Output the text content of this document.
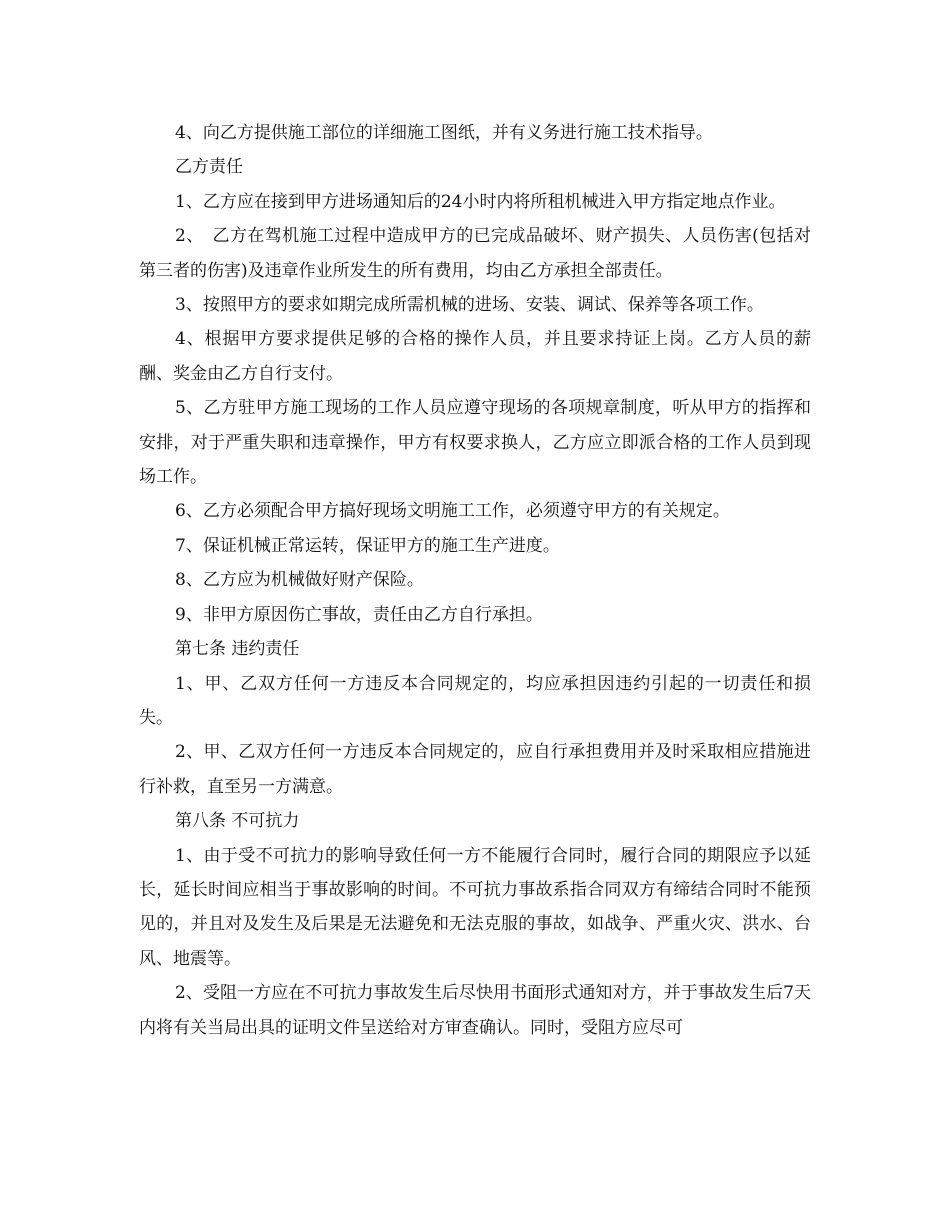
4、向乙方提供施工部位的详细施工图纸，并有义务进行施工技术指导。

乙方责任

1、乙方应在接到甲方进场通知后的24小时内将所租机械进入甲方指定地点作业。

2、　乙方在驾机施工过程中造成甲方的已完成品破坏、财产损失、人员伤害(包括对第三者的伤害)及违章作业所发生的所有费用，均由乙方承担全部责任。

3、按照甲方的要求如期完成所需机械的进场、安装、调试、保养等各项工作。

4、根据甲方要求提供足够的合格的操作人员，并且要求持证上岗。乙方人员的薪酬、奖金由乙方自行支付。

5、乙方驻甲方施工现场的工作人员应遵守现场的各项规章制度，听从甲方的指挥和安排，对于严重失职和违章操作，甲方有权要求换人，乙方应立即派合格的工作人员到现场工作。

6、乙方必须配合甲方搞好现场文明施工工作，必须遵守甲方的有关规定。

7、保证机械正常运转，保证甲方的施工生产进度。

8、乙方应为机械做好财产保险。

9、非甲方原因伤亡事故，责任由乙方自行承担。

第七条 违约责任

1、甲、乙双方任何一方违反本合同规定的，均应承担因违约引起的一切责任和损失。

2、甲、乙双方任何一方违反本合同规定的，应自行承担费用并及时采取相应措施进行补救，直至另一方满意。

第八条 不可抗力

1、由于受不可抗力的影响导致任何一方不能履行合同时，履行合同的期限应予以延长，延长时间应相当于事故影响的时间。不可抗力事故系指合同双方有缔结合同时不能预见的，并且对及发生及后果是无法避免和无法克服的事故，如战争、严重火灾、洪水、台风、地震等。

2、受阻一方应在不可抗力事故发生后尽快用书面形式通知对方，并于事故发生后7天内将有关当局出具的证明文件呈送给对方审查确认。同时，受阻方应尽可
